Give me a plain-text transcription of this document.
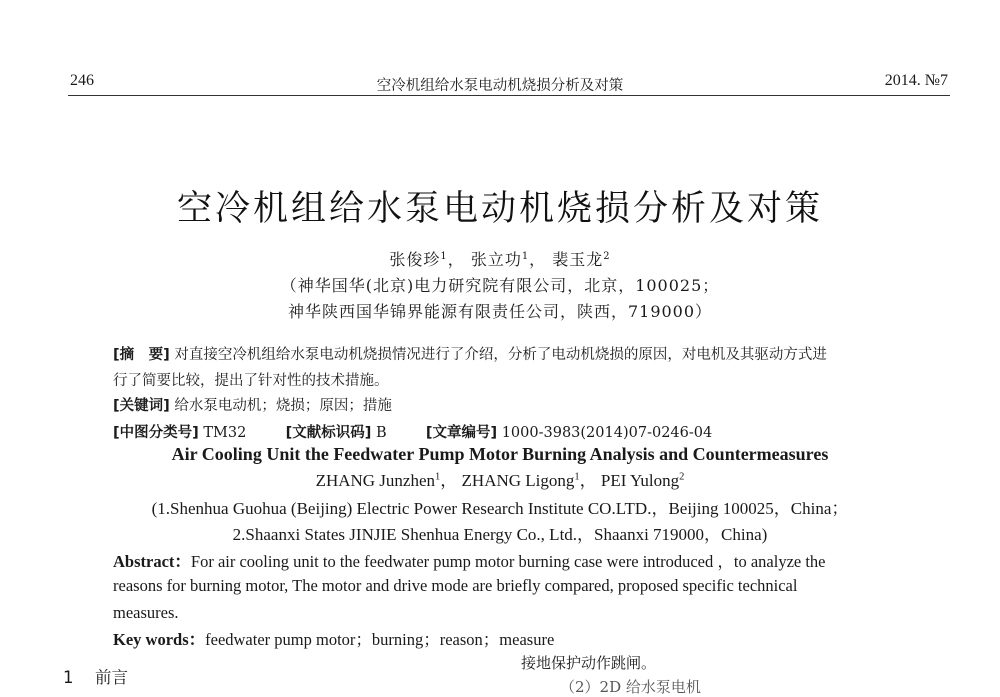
246	空冷机组给水泵电动机烧损分析及对策	2014. №7
空冷机组给水泵电动机烧损分析及对策
张俊珍$^1$， 张立功$^1$， 裴玉龙$^2$
（神华国华(北京)电力研究院有限公司，北京，100025；
神华陕西国华锦界能源有限责任公司，陕西，719000）
[摘　要] 对直接空冷机组给水泵电动机烧损情况进行了介绍，分析了电动机烧损的原因，对电机及其驱动方式进
行了简要比较，提出了针对性的技术措施。
[关键词] 给水泵电动机；烧损；原因；措施
[中图分类号] TM32	[文献标识码] B	[文章编号] 1000-3983(2014)07-0246-04
Air Cooling Unit the Feedwater Pump Motor Burning Analysis and Countermeasures
ZHANG Junzhen$^1$， ZHANG Ligong$^1$， PEI Yulong$^2$
(1.Shenhua Guohua (Beijing) Electric Power Research Institute CO.LTD.，Beijing 100025，China；
2.Shaanxi States JINJIE Shenhua Energy Co., Ltd.，Shaanxi 719000，China)
Abstract：For air cooling unit to the feedwater pump motor burning case were introduced ，to analyze the
reasons for burning motor, The motor and drive mode are briefly compared, proposed specific technical
measures.
Key words：feedwater pump motor；burning；reason；measure
1 前言
接地保护动作跳闸。
（2）2D 给水泵电机
